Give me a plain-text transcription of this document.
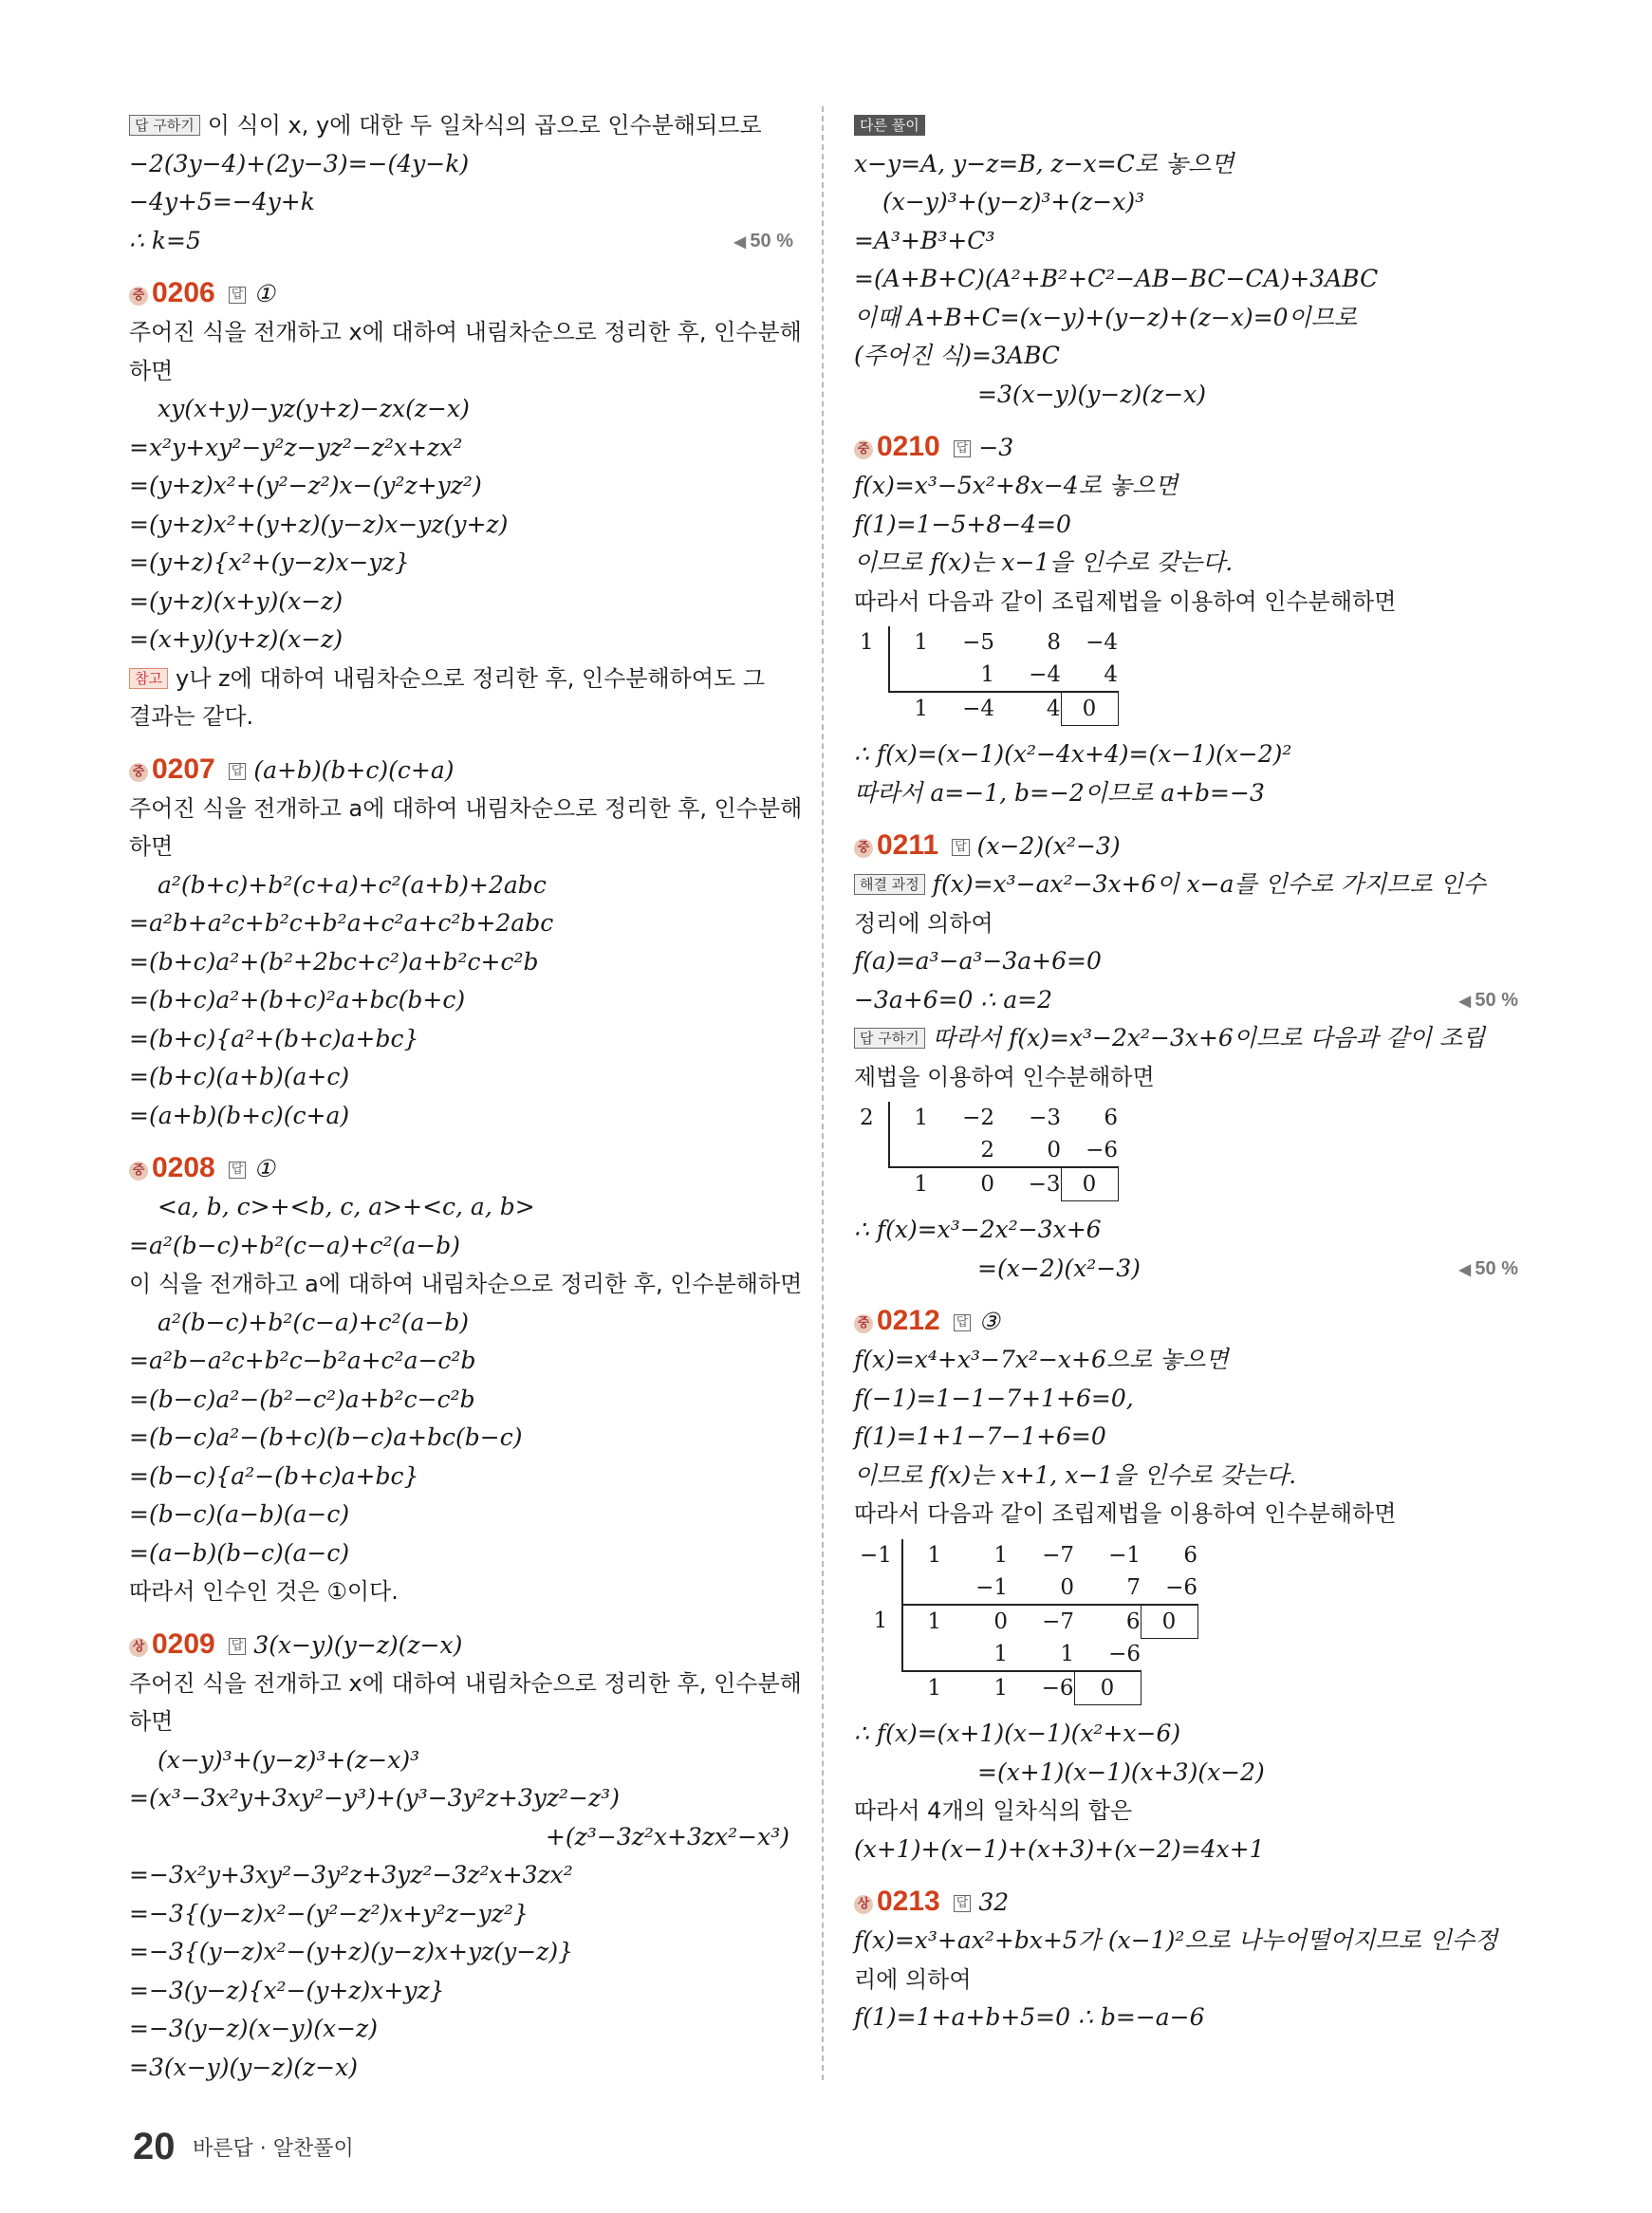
답 구하기 이 식이 x, y에 대한 두 일차식의 곱으로 인수분해되므로
−2(3y−4)+(2y−3)=−(4y−k)
−4y+5=−4y+k
∴ k=5	◀ 50 %
중 0206 답 ①
주어진 식을 전개하고 x에 대하여 내림차순으로 정리한 후, 인수분해
하면
xy(x+y)−yz(y+z)−zx(z−x)
=x²y+xy²−y²z−yz²−z²x+zx²
=(y+z)x²+(y²−z²)x−(y²z+yz²)
=(y+z)x²+(y+z)(y−z)x−yz(y+z)
=(y+z){x²+(y−z)x−yz}
=(y+z)(x+y)(x−z)
=(x+y)(y+z)(x−z)
참고 y나 z에 대하여 내림차순으로 정리한 후, 인수분해하여도 그
결과는 같다.
중 0207 답 (a+b)(b+c)(c+a)
주어진 식을 전개하고 a에 대하여 내림차순으로 정리한 후, 인수분해
하면
a²(b+c)+b²(c+a)+c²(a+b)+2abc
=a²b+a²c+b²c+b²a+c²a+c²b+2abc
=(b+c)a²+(b²+2bc+c²)a+b²c+c²b
=(b+c)a²+(b+c)²a+bc(b+c)
=(b+c){a²+(b+c)a+bc}
=(b+c)(a+b)(a+c)
=(a+b)(b+c)(c+a)
중 0208 답 ①
<a, b, c>+<b, c, a>+<c, a, b>
=a²(b−c)+b²(c−a)+c²(a−b)
이 식을 전개하고 a에 대하여 내림차순으로 정리한 후, 인수분해하면
a²(b−c)+b²(c−a)+c²(a−b)
=a²b−a²c+b²c−b²a+c²a−c²b
=(b−c)a²−(b²−c²)a+b²c−c²b
=(b−c)a²−(b+c)(b−c)a+bc(b−c)
=(b−c){a²−(b+c)a+bc}
=(b−c)(a−b)(a−c)
=(a−b)(b−c)(a−c)
따라서 인수인 것은 ①이다.
상 0209 답 3(x−y)(y−z)(z−x)
주어진 식을 전개하고 x에 대하여 내림차순으로 정리한 후, 인수분해
하면
(x−y)³+(y−z)³+(z−x)³
=(x³−3x²y+3xy²−y³)+(y³−3y²z+3yz²−z³)
+(z³−3z²x+3zx²−x³)
=−3x²y+3xy²−3y²z+3yz²−3z²x+3zx²
=−3{(y−z)x²−(y²−z²)x+y²z−yz²}
=−3{(y−z)x²−(y+z)(y−z)x+yz(y−z)}
=−3(y−z){x²−(y+z)x+yz}
=−3(y−z)(x−y)(x−z)
=3(x−y)(y−z)(z−x)
다른 풀이
x−y=A, y−z=B, z−x=C로 놓으면
(x−y)³+(y−z)³+(z−x)³
=A³+B³+C³
=(A+B+C)(A²+B²+C²−AB−BC−CA)+3ABC
이때 A+B+C=(x−y)+(y−z)+(z−x)=0이므로
(주어진 식)=3ABC
=3(x−y)(y−z)(z−x)
중 0210 답 −3
f(x)=x³−5x²+8x−4로 놓으면
f(1)=1−5+8−4=0
이므로 f(x)는 x−1을 인수로 갖는다.
따라서 다음과 같이 조립제법을 이용하여 인수분해하면
1	1	−5	8	−4
		1	−4	4
	1	−4	4	0
∴ f(x)=(x−1)(x²−4x+4)=(x−1)(x−2)²
따라서 a=−1, b=−2이므로 a+b=−3
중 0211 답 (x−2)(x²−3)
해결 과정 f(x)=x³−ax²−3x+6이 x−a를 인수로 가지므로 인수
정리에 의하여
f(a)=a³−a³−3a+6=0
−3a+6=0 ∴ a=2	◀ 50 %
답 구하기 따라서 f(x)=x³−2x²−3x+6이므로 다음과 같이 조립
제법을 이용하여 인수분해하면
2	1	−2	−3	6
		2	0	−6
	1	0	−3	0
∴ f(x)=x³−2x²−3x+6
=(x−2)(x²−3)	◀ 50 %
중 0212 답 ③
f(x)=x⁴+x³−7x²−x+6으로 놓으면
f(−1)=1−1−7+1+6=0,
f(1)=1+1−7−1+6=0
이므로 f(x)는 x+1, x−1을 인수로 갖는다.
따라서 다음과 같이 조립제법을 이용하여 인수분해하면
−1	1	1	−7	−1	6
		−1	0	7	−6
1	1	0	−7	6	0
		1	1	−6	
	1	1	−6	0	
∴ f(x)=(x+1)(x−1)(x²+x−6)
=(x+1)(x−1)(x+3)(x−2)
따라서 4개의 일차식의 합은
(x+1)+(x−1)+(x+3)+(x−2)=4x+1
상 0213 답 32
f(x)=x³+ax²+bx+5가 (x−1)²으로 나누어떨어지므로 인수정
리에 의하여
f(1)=1+a+b+5=0 ∴ b=−a−6
20 바른답 · 알찬풀이
